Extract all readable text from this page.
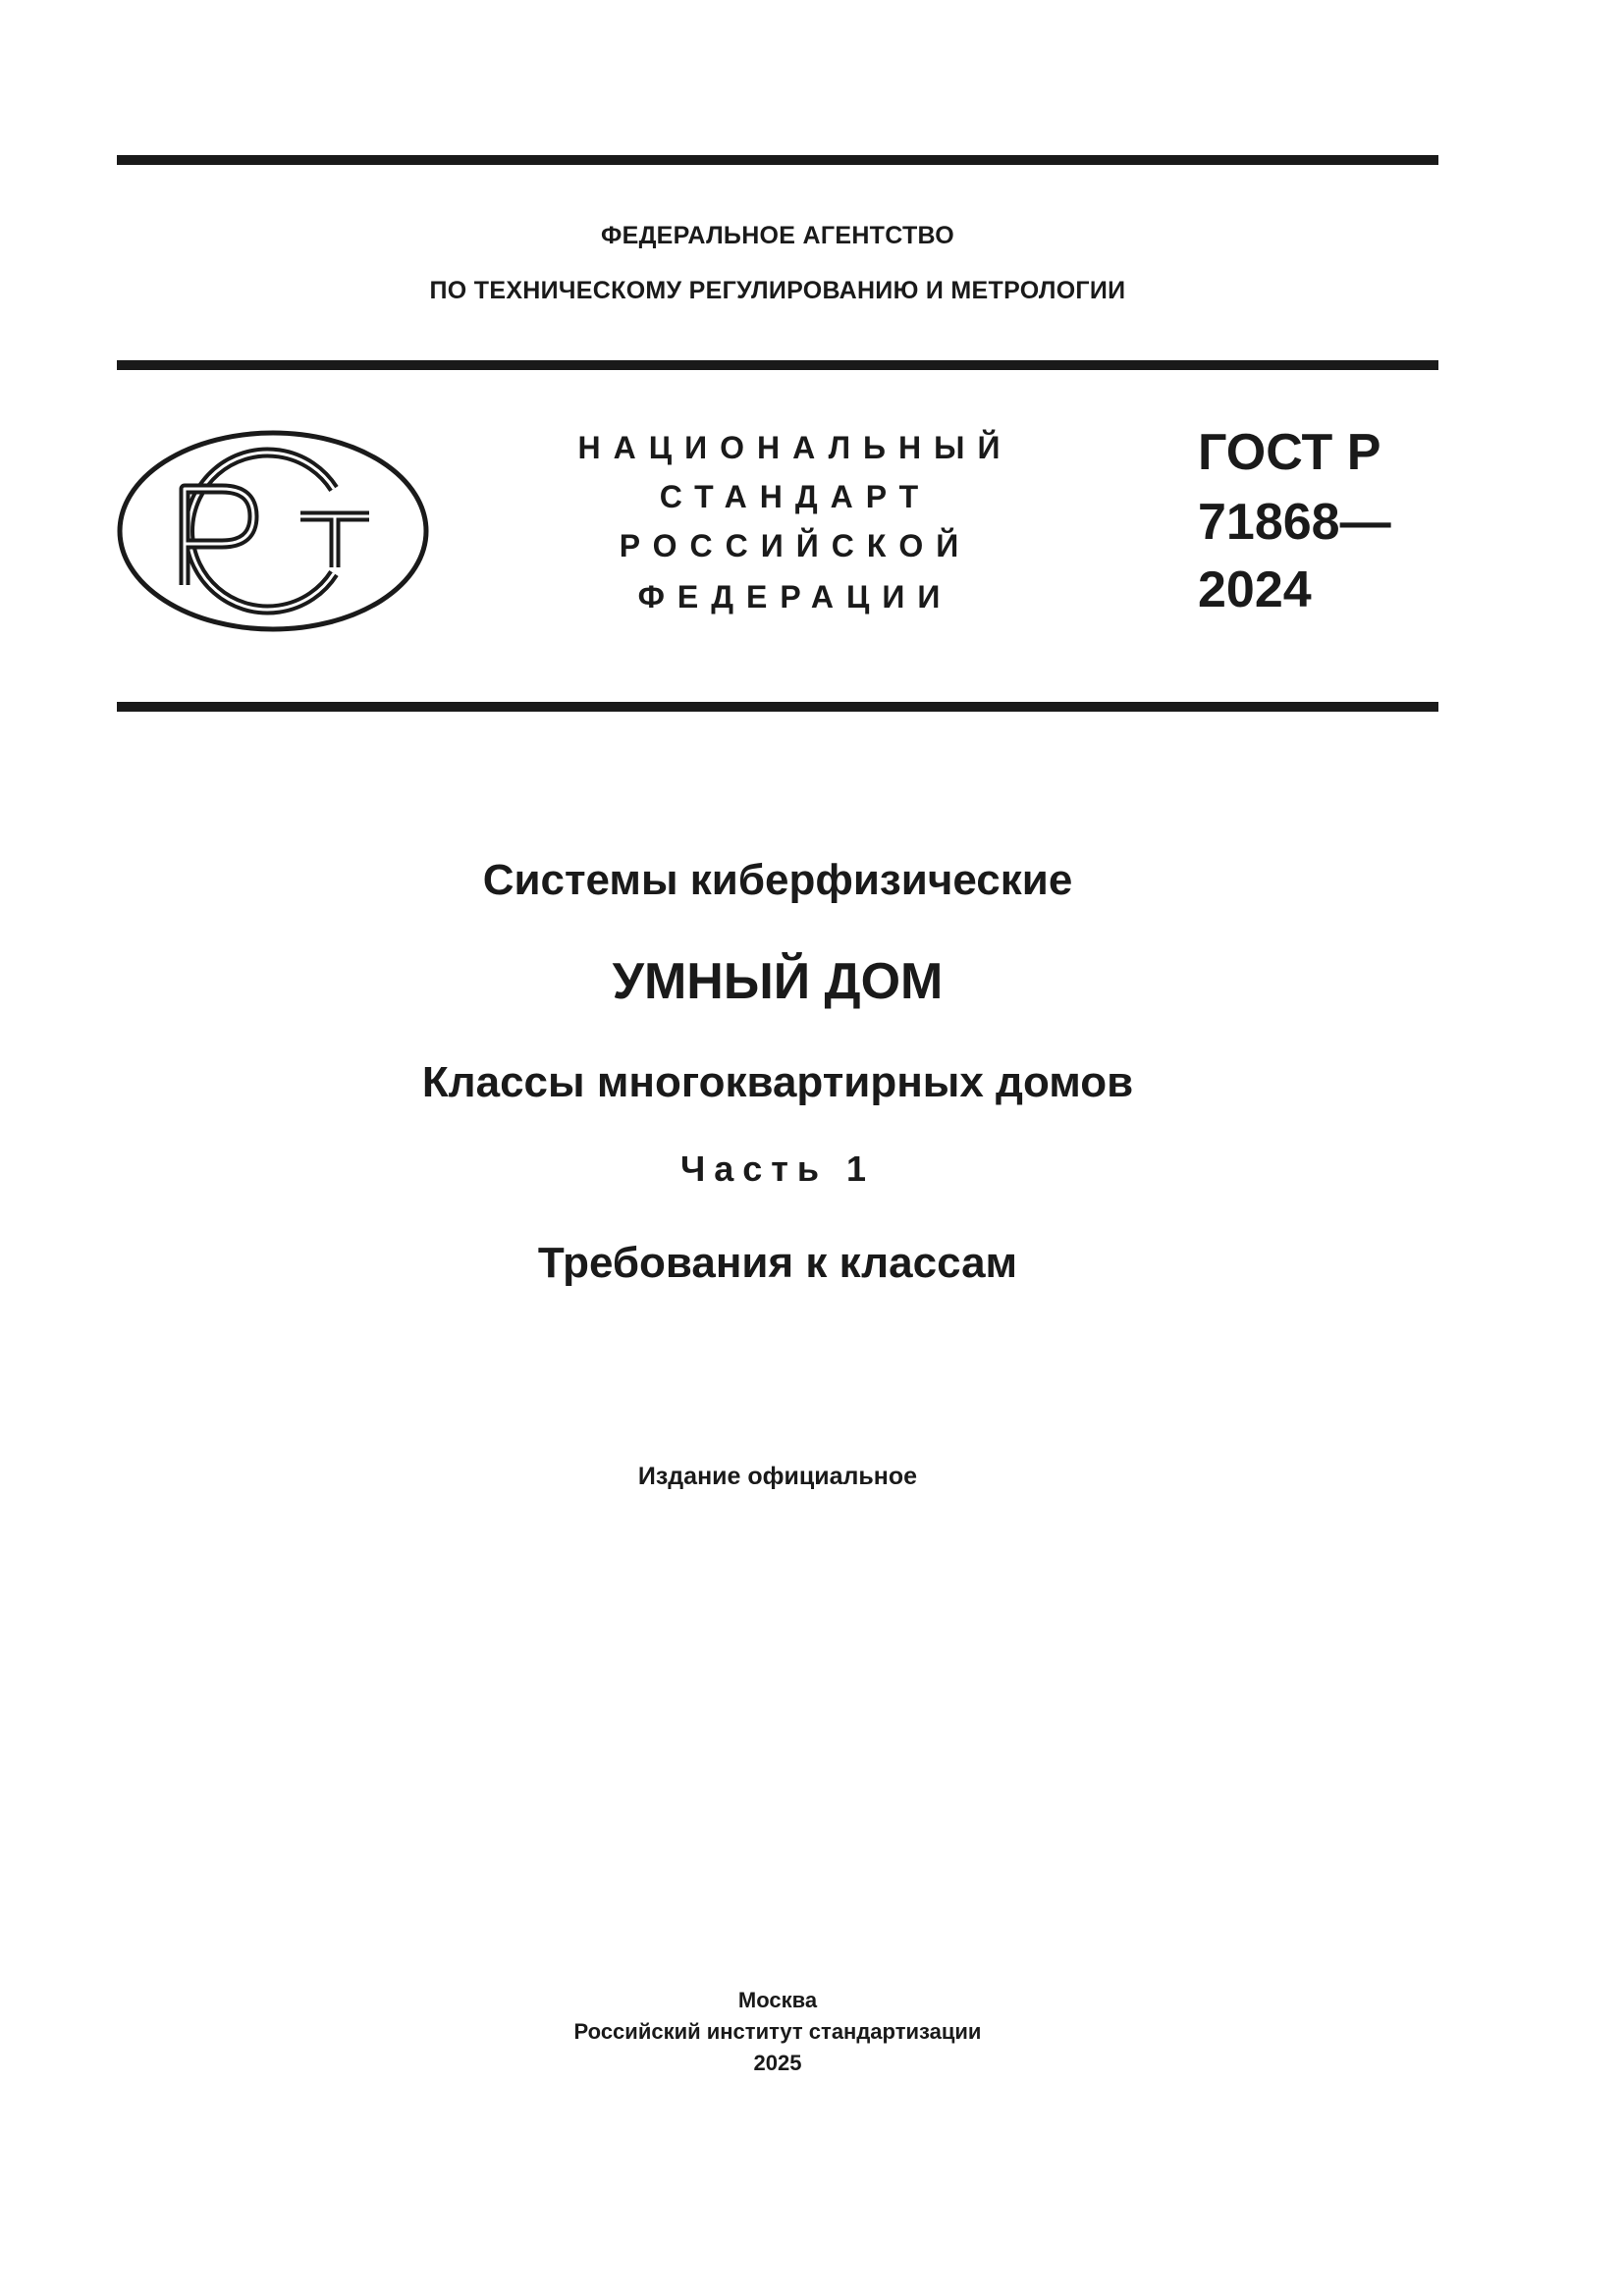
ФЕДЕРАЛЬНОЕ АГЕНТСТВО
ПО ТЕХНИЧЕСКОМУ РЕГУЛИРОВАНИЮ И МЕТРОЛОГИИ
НАЦИОНАЛЬНЫЙ
СТАНДАРТ
РОССИЙСКОЙ
ФЕДЕРАЦИИ
ГОСТ Р
71868—
2024
Системы киберфизические
УМНЫЙ ДОМ
Классы многоквартирных домов
Часть 1
Требования к классам
Издание официальное
Москва
Российский институт стандартизации
2025
